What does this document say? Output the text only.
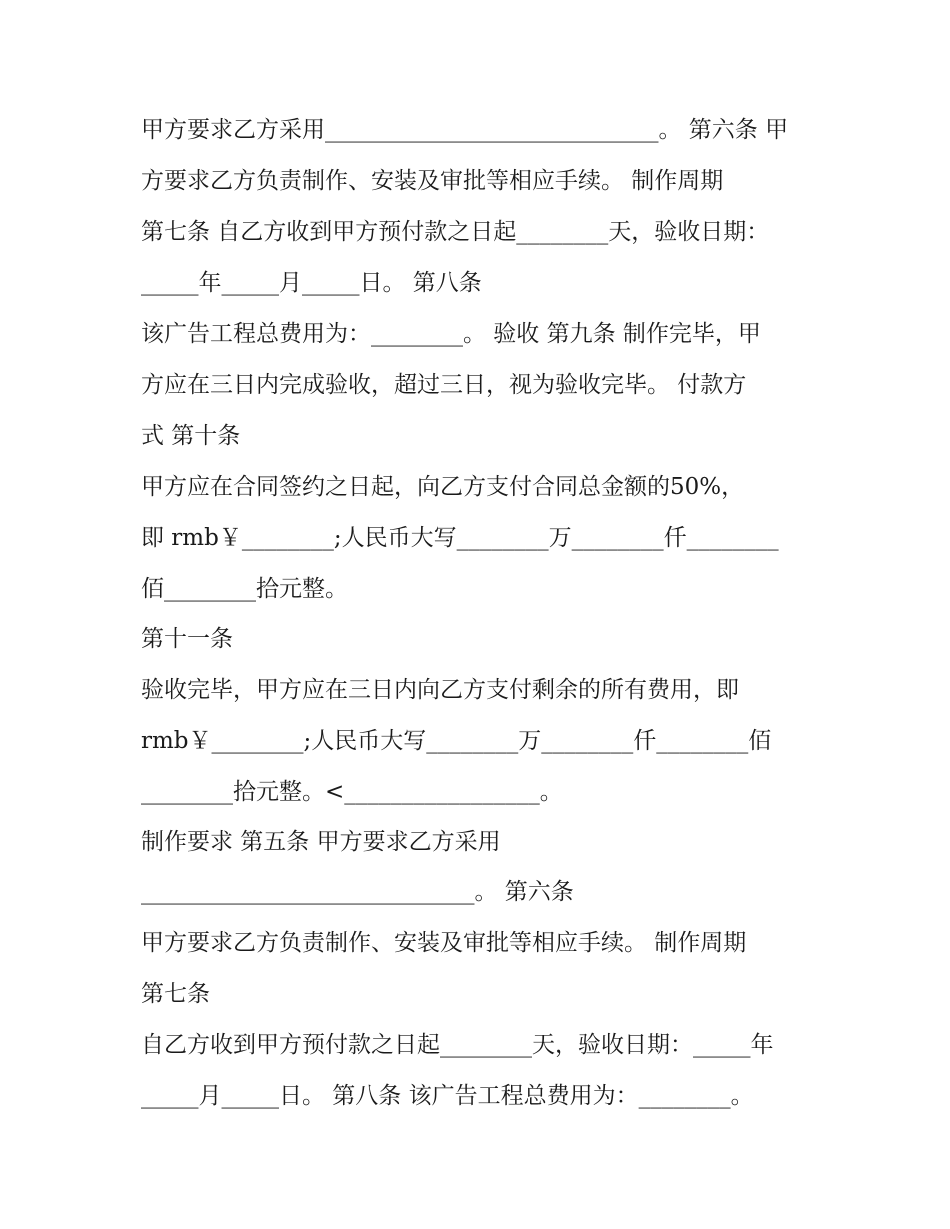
甲方要求乙方采用_____________________________。 第六条 甲
方要求乙方负责制作、安装及审批等相应手续。 制作周期
第七条 自乙方收到甲方预付款之日起________天，验收日期：
_____年_____月_____日。 第八条
该广告工程总费用为：________。 验收 第九条 制作完毕，甲
方应在三日内完成验收，超过三日，视为验收完毕。 付款方
式 第十条
甲方应在合同签约之日起，向乙方支付合同总金额的50%，
即 rmb￥________;人民币大写________万________仟________
佰________拾元整。
第十一条
验收完毕，甲方应在三日内向乙方支付剩余的所有费用，即
rmb￥________;人民币大写________万________仟________佰
________拾元整。<_________________。
制作要求 第五条 甲方要求乙方采用
_____________________________。 第六条
甲方要求乙方负责制作、安装及审批等相应手续。 制作周期
第七条
自乙方收到甲方预付款之日起________天，验收日期：_____年
_____月_____日。 第八条 该广告工程总费用为：________。
